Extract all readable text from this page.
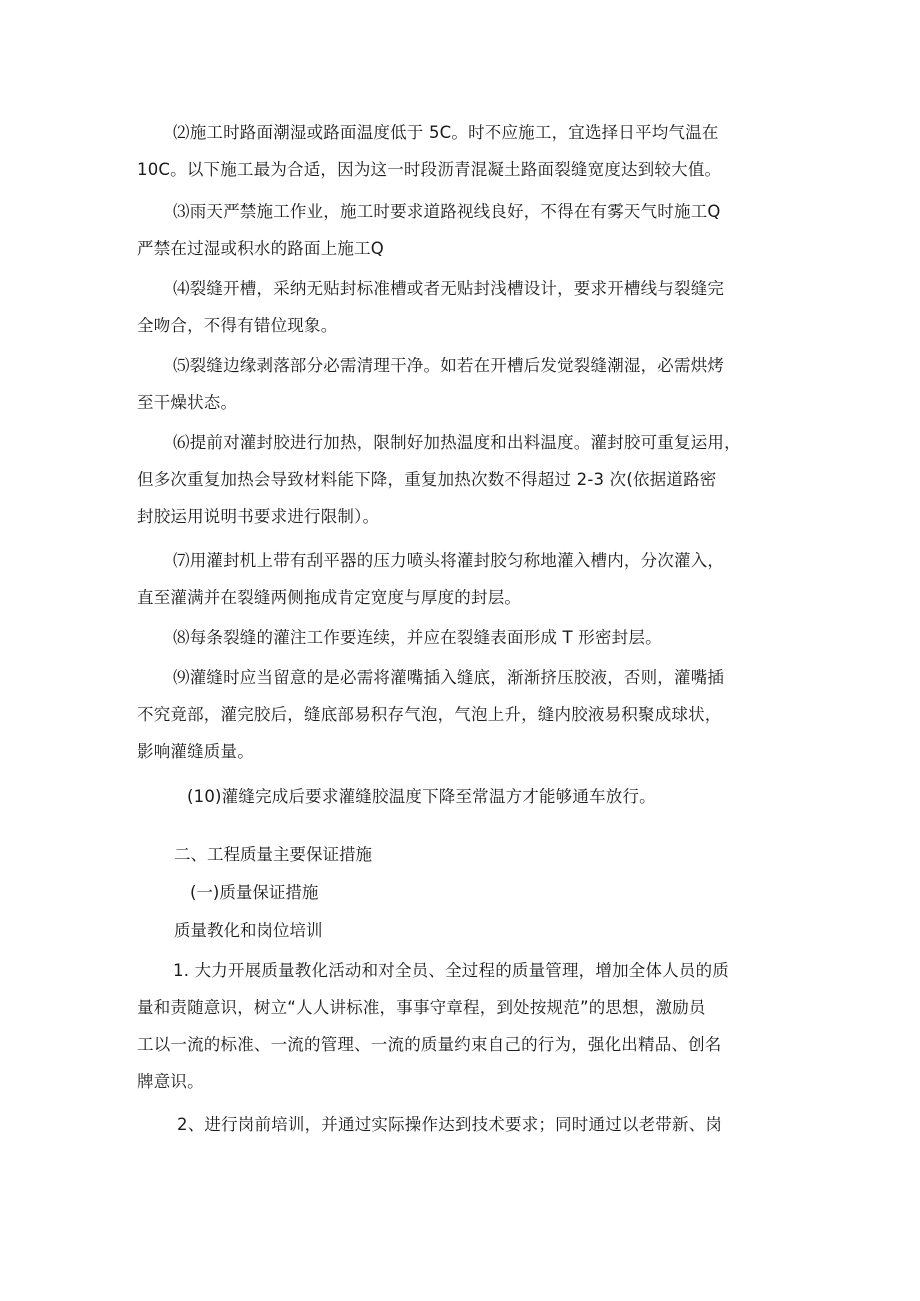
⑵施工时路面潮湿或路面温度低于 5C。时不应施工，宜选择日平均气温在
10C。以下施工最为合适，因为这一时段沥青混凝土路面裂缝宽度达到较大值。

⑶雨天严禁施工作业，施工时要求道路视线良好，不得在有雾天气时施工Q
严禁在过湿或积水的路面上施工Q

⑷裂缝开槽，采纳无贴封标准槽或者无贴封浅槽设计，要求开槽线与裂缝完
全吻合，不得有错位现象。

⑸裂缝边缘剥落部分必需清理干净。如若在开槽后发觉裂缝潮湿，必需烘烤
至干燥状态。

⑹提前对灌封胶进行加热，限制好加热温度和出料温度。灌封胶可重复运用，
但多次重复加热会导致材料能下降，重复加热次数不得超过 2-3 次(依据道路密
封胶运用说明书要求进行限制）。

⑺用灌封机上带有刮平器的压力喷头将灌封胶匀称地灌入槽内，分次灌入，
直至灌满并在裂缝两侧拖成肯定宽度与厚度的封层。

⑻每条裂缝的灌注工作要连续，并应在裂缝表面形成 T 形密封层。

⑼灌缝时应当留意的是必需将灌嘴插入缝底，渐渐挤压胶液，否则，灌嘴插
不究竟部，灌完胶后，缝底部易积存气泡，气泡上升，缝内胶液易积聚成球状，
影响灌缝质量。

(10)灌缝完成后要求灌缝胶温度下降至常温方才能够通车放行。

二、工程质量主要保证措施

(一)质量保证措施

质量教化和岗位培训

1. 大力开展质量教化活动和对全员、全过程的质量管理，增加全体人员的质
量和责随意识，树立“人人讲标准，事事守章程，到处按规范”的思想，激励员
工以一流的标准、一流的管理、一流的质量约束自己的行为，强化出精品、创名
牌意识。

2、进行岗前培训，并通过实际操作达到技术要求；同时通过以老带新、岗
